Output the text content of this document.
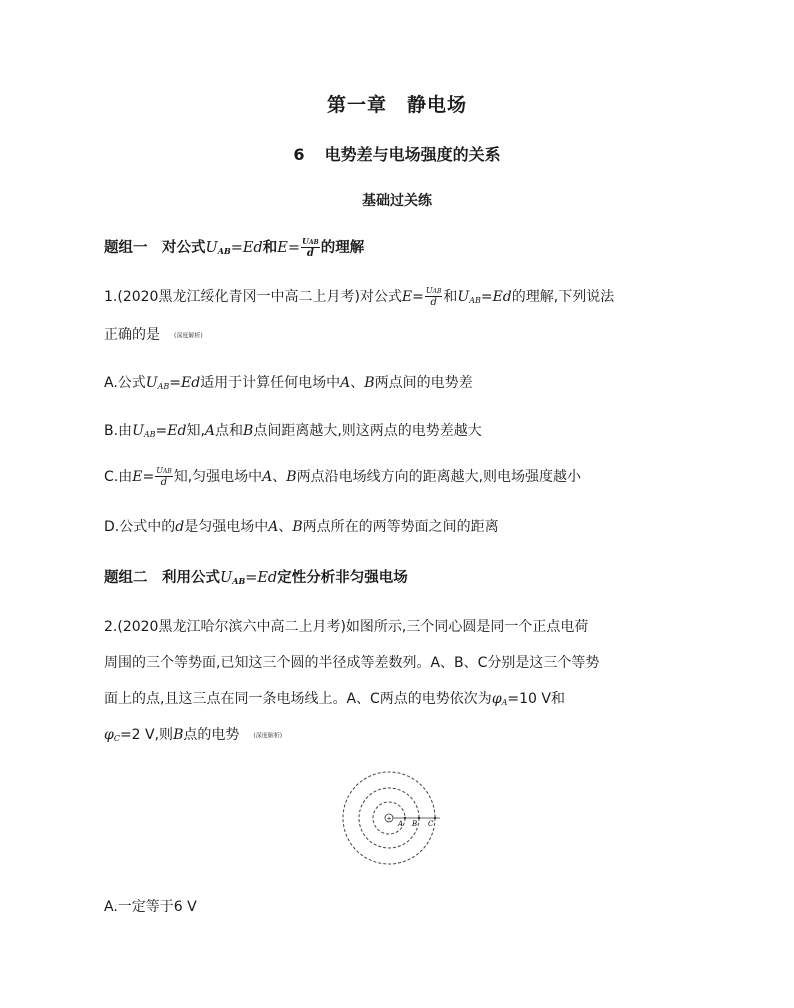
第一章　静电场
6 电势差与电场强度的关系
基础过关练
题组一　对公式$U_{AB}=Ed$和$E= \frac{\text{UAB}}{d}$ 的理解
1.(2020黑龙江绥化青冈一中高二上月考)对公式$E= \frac{\text{UAB}}{d}$ 和$U_{AB}=Ed$的理解,下列说法
正确的是　(深度解析)
A.公式$U_{AB}=Ed$适用于计算任何电场中A、B两点间的电势差
B.由$U_{AB}=Ed$知,A点和B点间距离越大,则这两点的电势差越大
C.由$E= \frac{\text{UAB}}{d}$ 知,匀强电场中A、B两点沿电场线方向的距离越大,则电场强度越小
D.公式中的d是匀强电场中A、B两点所在的两等势面之间的距离
题组二　利用公式$U_{AB}=Ed$定性分析非匀强电场
2.(2020黑龙江哈尔滨六中高二上月考)如图所示,三个同心圆是同一个正点电荷
周围的三个等势面,已知这三个圆的半径成等差数列。A、B、C分别是这三个等势
面上的点,且这三点在同一条电场线上。A、C两点的电势依次为$\varphi_A=10$ V和
$\varphi_C=2$ V,则B点的电势　 (深度解析)
+
A B C
A.一定等于6 V
